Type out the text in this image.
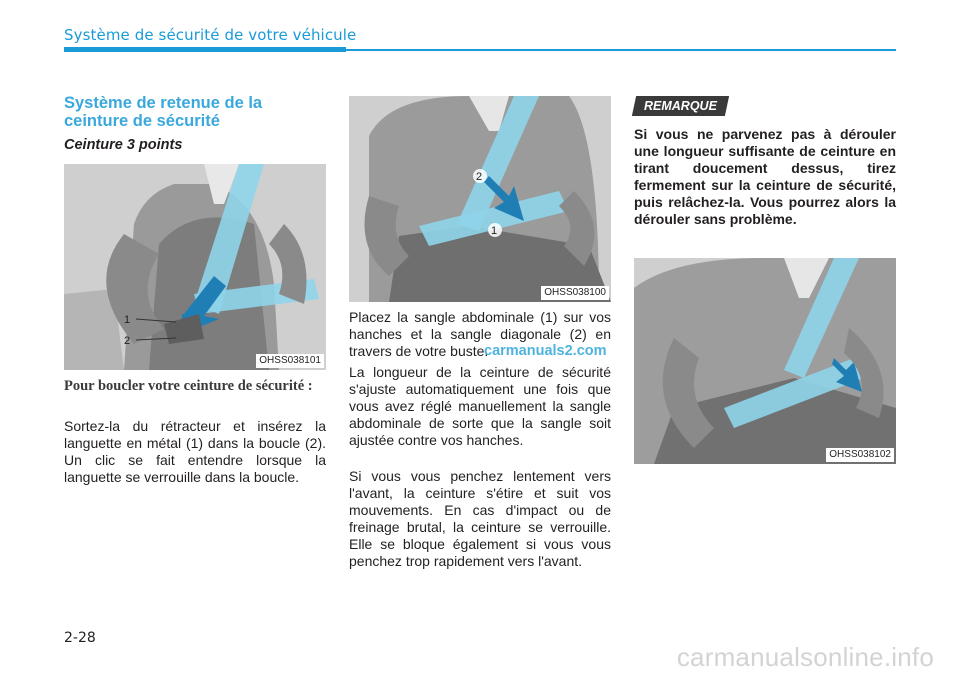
Système de sécurité de votre véhicule
Système de retenue de la ceinture de sécurité
Ceinture 3 points
1
2
OHSS038101
Pour boucler votre ceinture de sécurité :

Sortez-la du rétracteur et insérez la languette en métal (1) dans la boucle (2). Un clic se fait entendre lorsque la languette se verrouille dans la boucle.

2
1
OHSS038100

Placez la sangle abdominale (1) sur vos hanches et la sangle diagonale (2) en travers de votre buste.

La longueur de la ceinture de sécurité s'ajuste automatiquement une fois que vous avez réglé manuellement la sangle abdominale de sorte que la sangle soit ajustée contre vos hanches.

Si vous vous penchez lentement vers l'avant, la ceinture s'étire et suit vos mouvements. En cas d'impact ou de freinage brutal, la ceinture se verrouille. Elle se bloque également si vous vous penchez trop rapidement vers l'avant.

carmanuals2.com
REMARQUE

Si vous ne parvenez pas à dérouler une longueur suffisante de ceinture en tirant doucement dessus, tirez fermement sur la ceinture de sécurité, puis relâchez-la. Vous pourrez alors la dérouler sans problème.

OHSS038102
2-28
carmanualsonline.info
